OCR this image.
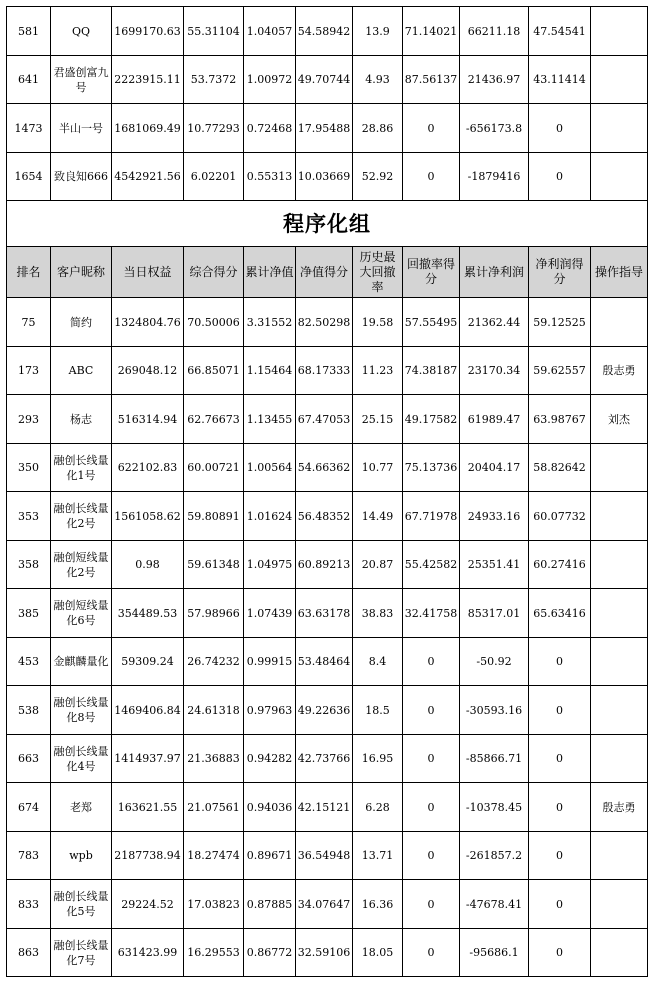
581	QQ	1699170.63	55.31104	1.04057	54.58942	13.9	71.14021	66211.18	47.54541	
641	君盛创富九号	2223915.11	53.7372	1.00972	49.70744	4.93	87.56137	21436.97	43.11414	
1473	半山一号	1681069.49	10.77293	0.72468	17.95488	28.86	0	-656173.8	0	
1654	致良知666	4542921.56	6.02201	0.55313	10.03669	52.92	0	-1879416	0	
程序化组										
排名	客户昵称	当日权益	综合得分	累计净值	净值得分	历史最大回撤率	回撤率得分	累计净利润	净利润得分	操作指导
75	简约	1324804.76	70.50006	3.31552	82.50298	19.58	57.55495	21362.44	59.12525	
173	ABC	269048.12	66.85071	1.15464	68.17333	11.23	74.38187	23170.34	59.62557	殷志勇
293	杨志	516314.94	62.76673	1.13455	67.47053	25.15	49.17582	61989.47	63.98767	刘杰
350	融创长线量化1号	622102.83	60.00721	1.00564	54.66362	10.77	75.13736	20404.17	58.82642	
353	融创长线量化2号	1561058.62	59.80891	1.01624	56.48352	14.49	67.71978	24933.16	60.07732	
358	融创短线量化2号	0.98	59.61348	1.04975	60.89213	20.87	55.42582	25351.41	60.27416	
385	融创短线量化6号	354489.53	57.98966	1.07439	63.63178	38.83	32.41758	85317.01	65.63416	
453	金麒麟量化	59309.24	26.74232	0.99915	53.48464	8.4	0	-50.92	0	
538	融创长线量化8号	1469406.84	24.61318	0.97963	49.22636	18.5	0	-30593.16	0	
663	融创长线量化4号	1414937.97	21.36883	0.94282	42.73766	16.95	0	-85866.71	0	
674	老郑	163621.55	21.07561	0.94036	42.15121	6.28	0	-10378.45	0	殷志勇
783	wpb	2187738.94	18.27474	0.89671	36.54948	13.71	0	-261857.2	0	
833	融创长线量化5号	29224.52	17.03823	0.87885	34.07647	16.36	0	-47678.41	0	
863	融创长线量化7号	631423.99	16.29553	0.86772	32.59106	18.05	0	-95686.1	0	
